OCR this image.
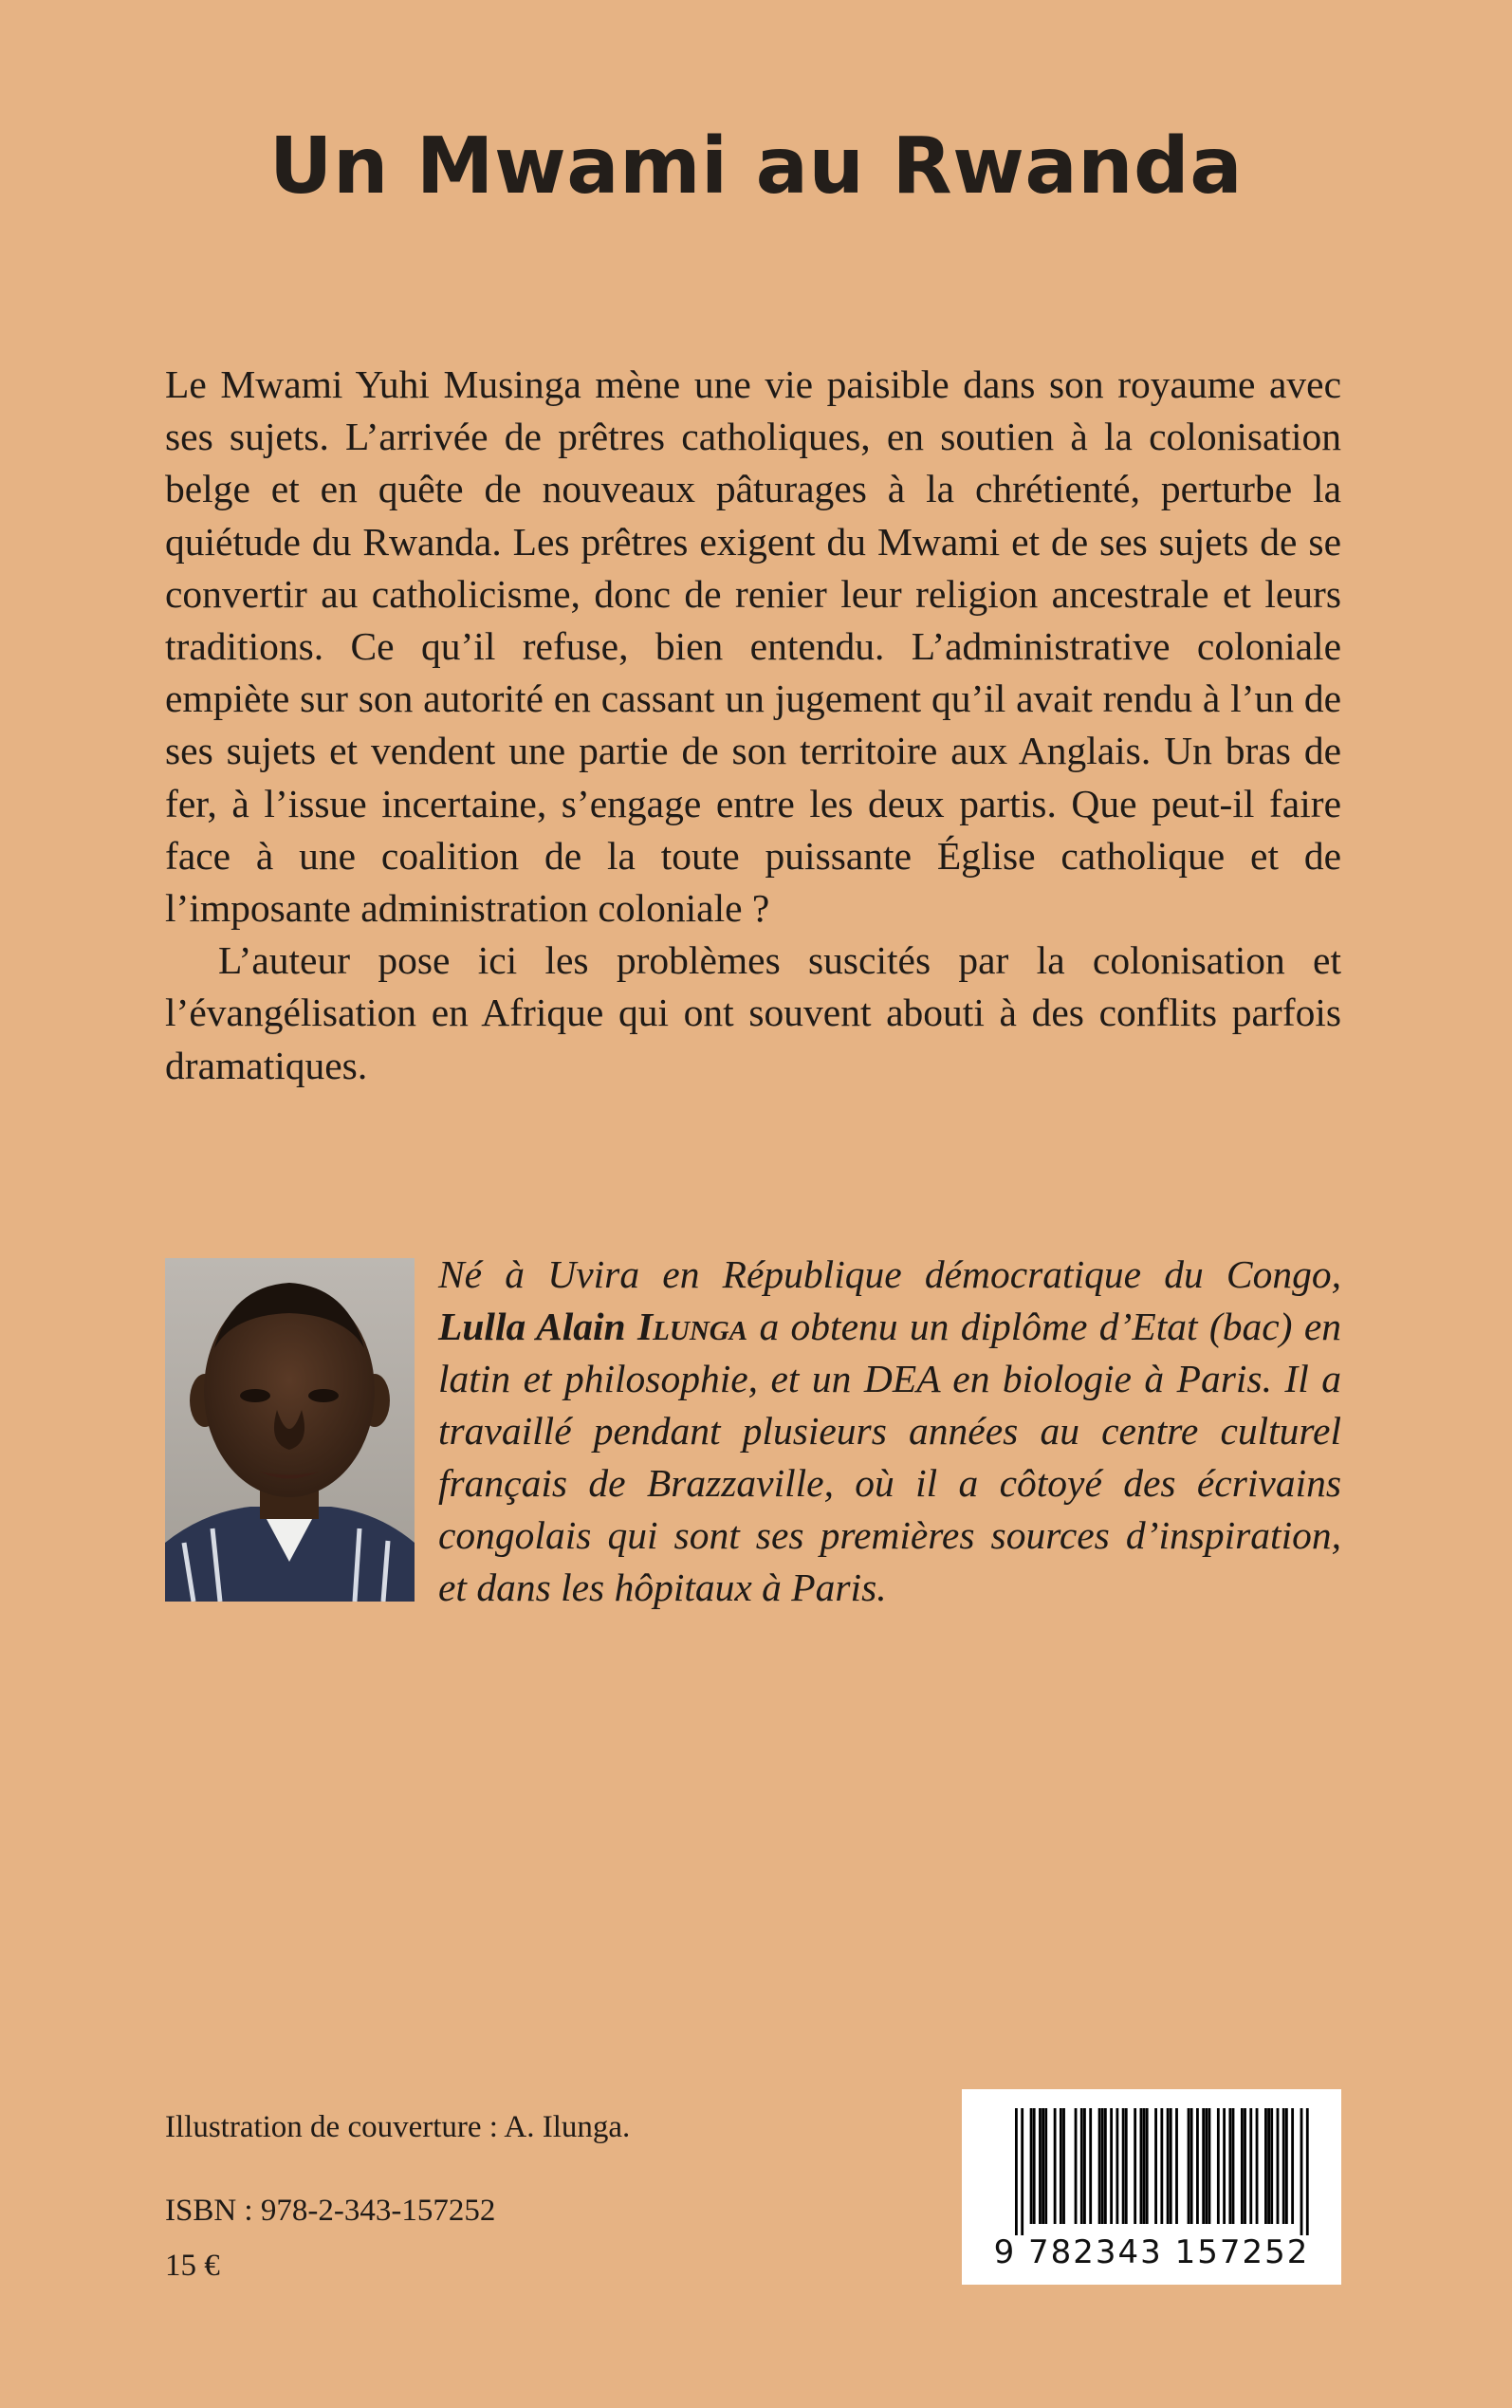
Un Mwami au Rwanda

Le Mwami Yuhi Musinga mène une vie paisible dans son royaume avec ses sujets. L’arrivée de prêtres catholiques, en soutien à la colonisation belge et en quête de nouveaux pâturages à la chrétienté, perturbe la quiétude du Rwanda. Les prêtres exigent du Mwami et de ses sujets de se convertir au catholicisme, donc de renier leur religion ancestrale et leurs traditions. Ce qu’il refuse, bien entendu. L’administrative coloniale empiète sur son autorité en cassant un jugement qu’il avait rendu à l’un de ses sujets et vendent une partie de son territoire aux Anglais. Un bras de fer, à l’issue incertaine, s’engage entre les deux partis. Que peut-il faire face à une coalition de la toute puissante Église catholique et de l’imposante administration coloniale ?

L’auteur pose ici les problèmes suscités par la colonisation et l’évangélisation en Afrique qui ont souvent abouti à des conflits parfois dramatiques.

Né à Uvira en République démocratique du Congo, Lulla Alain Ilunga a obtenu un diplôme d’Etat (bac) en latin et philosophie, et un DEA en biologie à Paris. Il a travaillé pendant plusieurs années au centre culturel français de Brazzaville, où il a côtoyé des écrivains congolais qui sont ses premières sources d’inspiration, et dans les hôpitaux à Paris.

Illustration de couverture : A. Ilunga.
ISBN : 978-2-343-157252
15 €	9 782343 157252
